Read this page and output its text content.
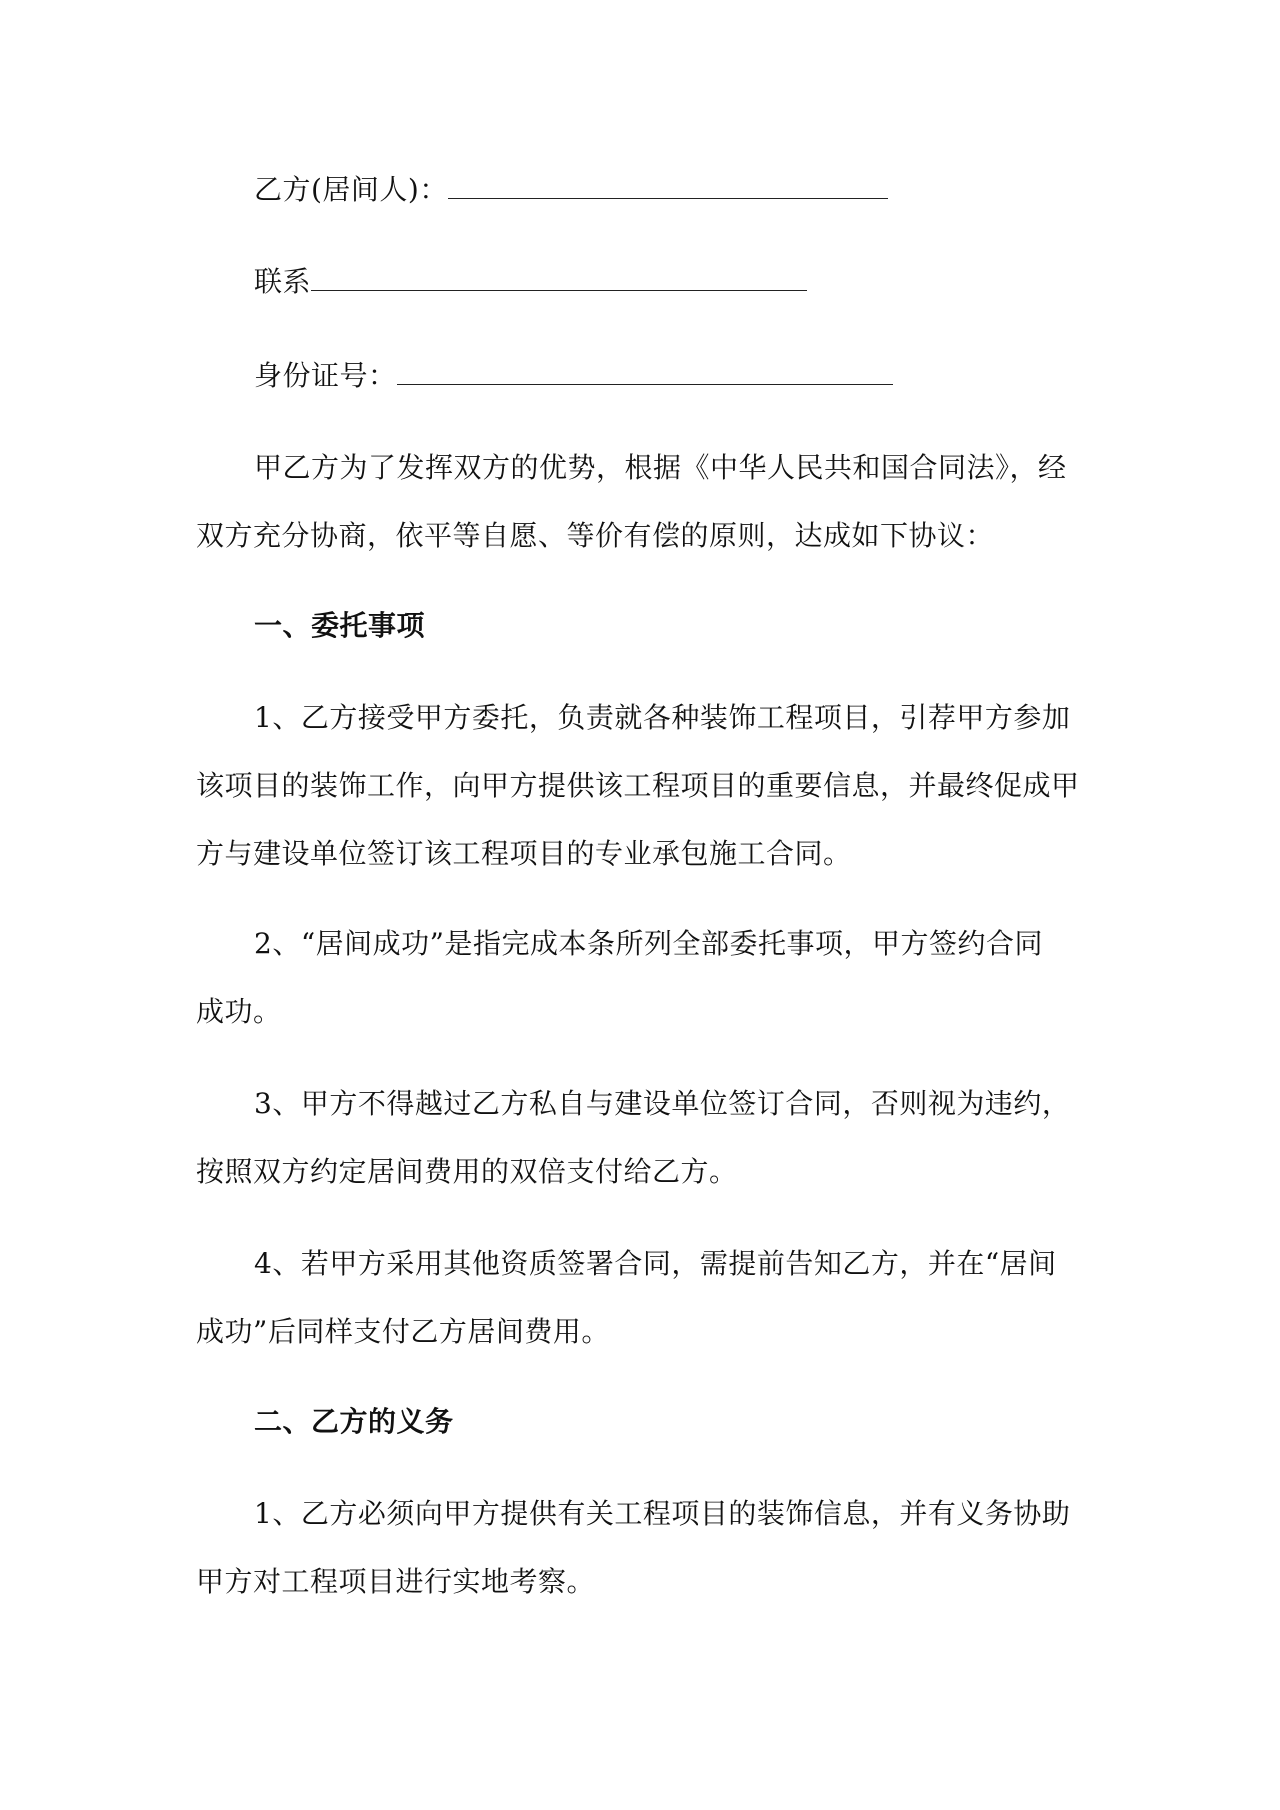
乙方(居间人)：
联系
身份证号：
甲乙方为了发挥双方的优势，根据《中华人民共和国合同法》，经
双方充分协商，依平等自愿、等价有偿的原则，达成如下协议：
一、委托事项
1、乙方接受甲方委托，负责就各种装饰工程项目，引荐甲方参加
该项目的装饰工作，向甲方提供该工程项目的重要信息，并最终促成甲
方与建设单位签订该工程项目的专业承包施工合同。
2、“居间成功”是指完成本条所列全部委托事项，甲方签约合同
成功。
3、甲方不得越过乙方私自与建设单位签订合同，否则视为违约，
按照双方约定居间费用的双倍支付给乙方。
4、若甲方采用其他资质签署合同，需提前告知乙方，并在“居间
成功”后同样支付乙方居间费用。
二、乙方的义务
1、乙方必须向甲方提供有关工程项目的装饰信息，并有义务协助
甲方对工程项目进行实地考察。
